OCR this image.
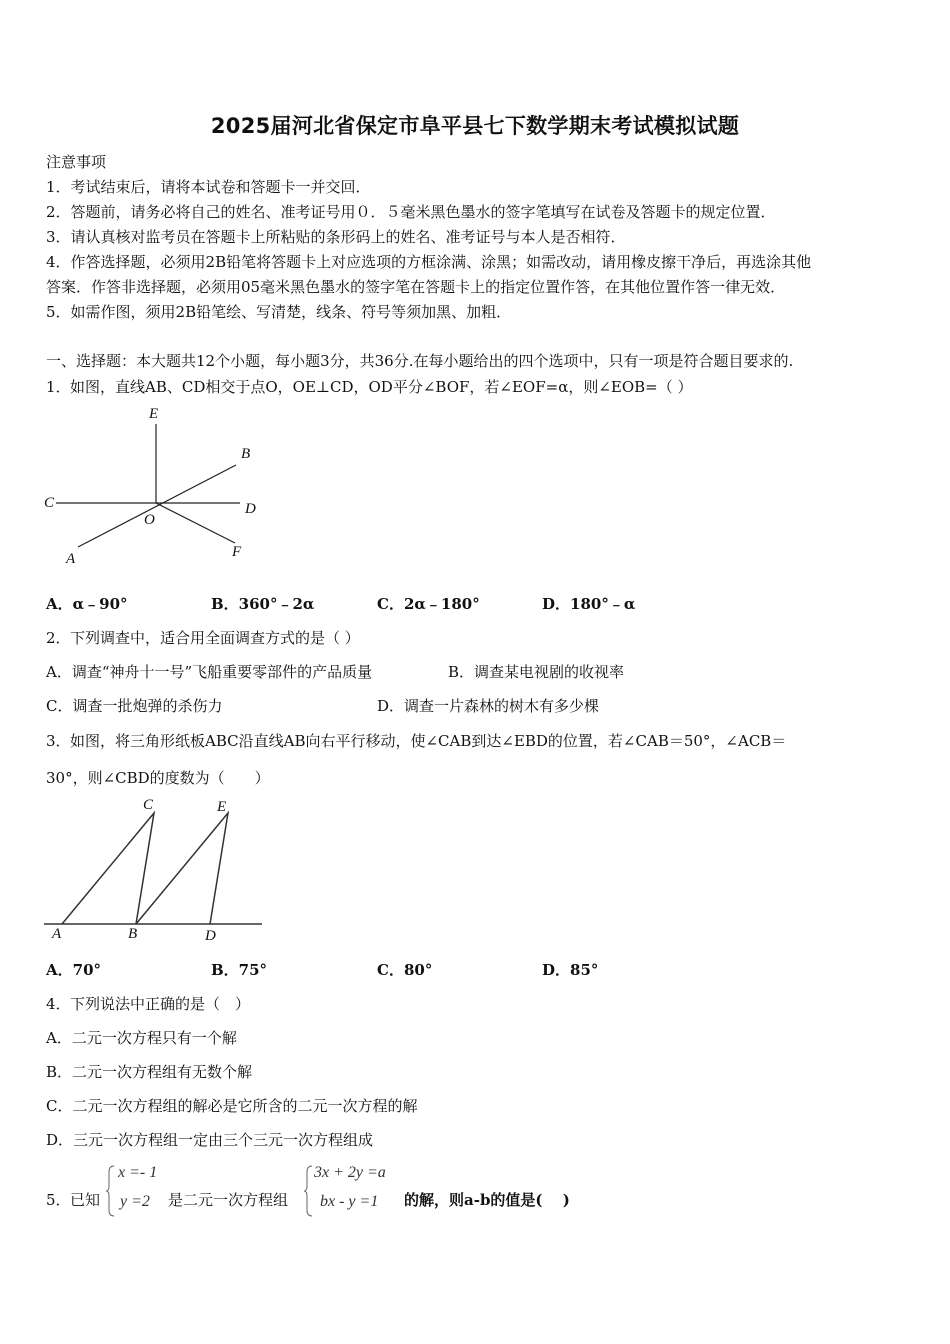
2025届河北省保定市阜平县七下数学期末考试模拟试题
注意事项
1．考试结束后，请将本试卷和答题卡一并交回．
2．答题前，请务必将自己的姓名、准考证号用０．５毫米黑色墨水的签字笔填写在试卷及答题卡的规定位置．
3．请认真核对监考员在答题卡上所粘贴的条形码上的姓名、准考证号与本人是否相符．
4．作答选择题，必须用2B铅笔将答题卡上对应选项的方框涂满、涂黑；如需改动，请用橡皮擦干净后，再选涂其他
答案．作答非选择题，必须用05毫米黑色墨水的签字笔在答题卡上的指定位置作答，在其他位置作答一律无效．
5．如需作图，须用2B铅笔绘、写清楚，线条、符号等须加黑、加粗．
一、选择题：本大题共12个小题，每小题3分，共36分.在每小题给出的四个选项中，只有一项是符合题目要求的.
1． 如图，直线AB、CD相交于点O，OE⊥CD，OD平分∠BOF，若∠EOF=α，则∠EOB=（ ）
E
B
C
O
D
A	F
A．α﹣90°	B．360°﹣2α	C．2α﹣180°	D．180°﹣α
2． 下列调查中，适合用全面调查方式的是（ ）
A．调查“神舟十一号”飞船重要零部件的产品质量	B．调查某电视剧的收视率
C．调查一批炮弹的杀伤力	D．调查一片森林的树木有多少棵
3． 如图，将三角形纸板ABC沿直线AB向右平行移动，使∠CAB到达∠EBD的位置，若∠CAB＝50°，∠ACB＝
30°，则∠CBD的度数为（　　）
C	E
A	B	D
A．70°	B．75°	C．80°	D．85°
4． 下列说法中正确的是（　）
A．二元一次方程只有一个解
B．二元一次方程组有无数个解
C．二元一次方程组的解必是它所含的二元一次方程的解
D．三元一次方程组一定由三个三元一次方程组成
5． 已知
x =- 1
y =2 是二元一次方程组
3x + 2y =a
bx - y =1 的解，则a-b的值是(　 )
